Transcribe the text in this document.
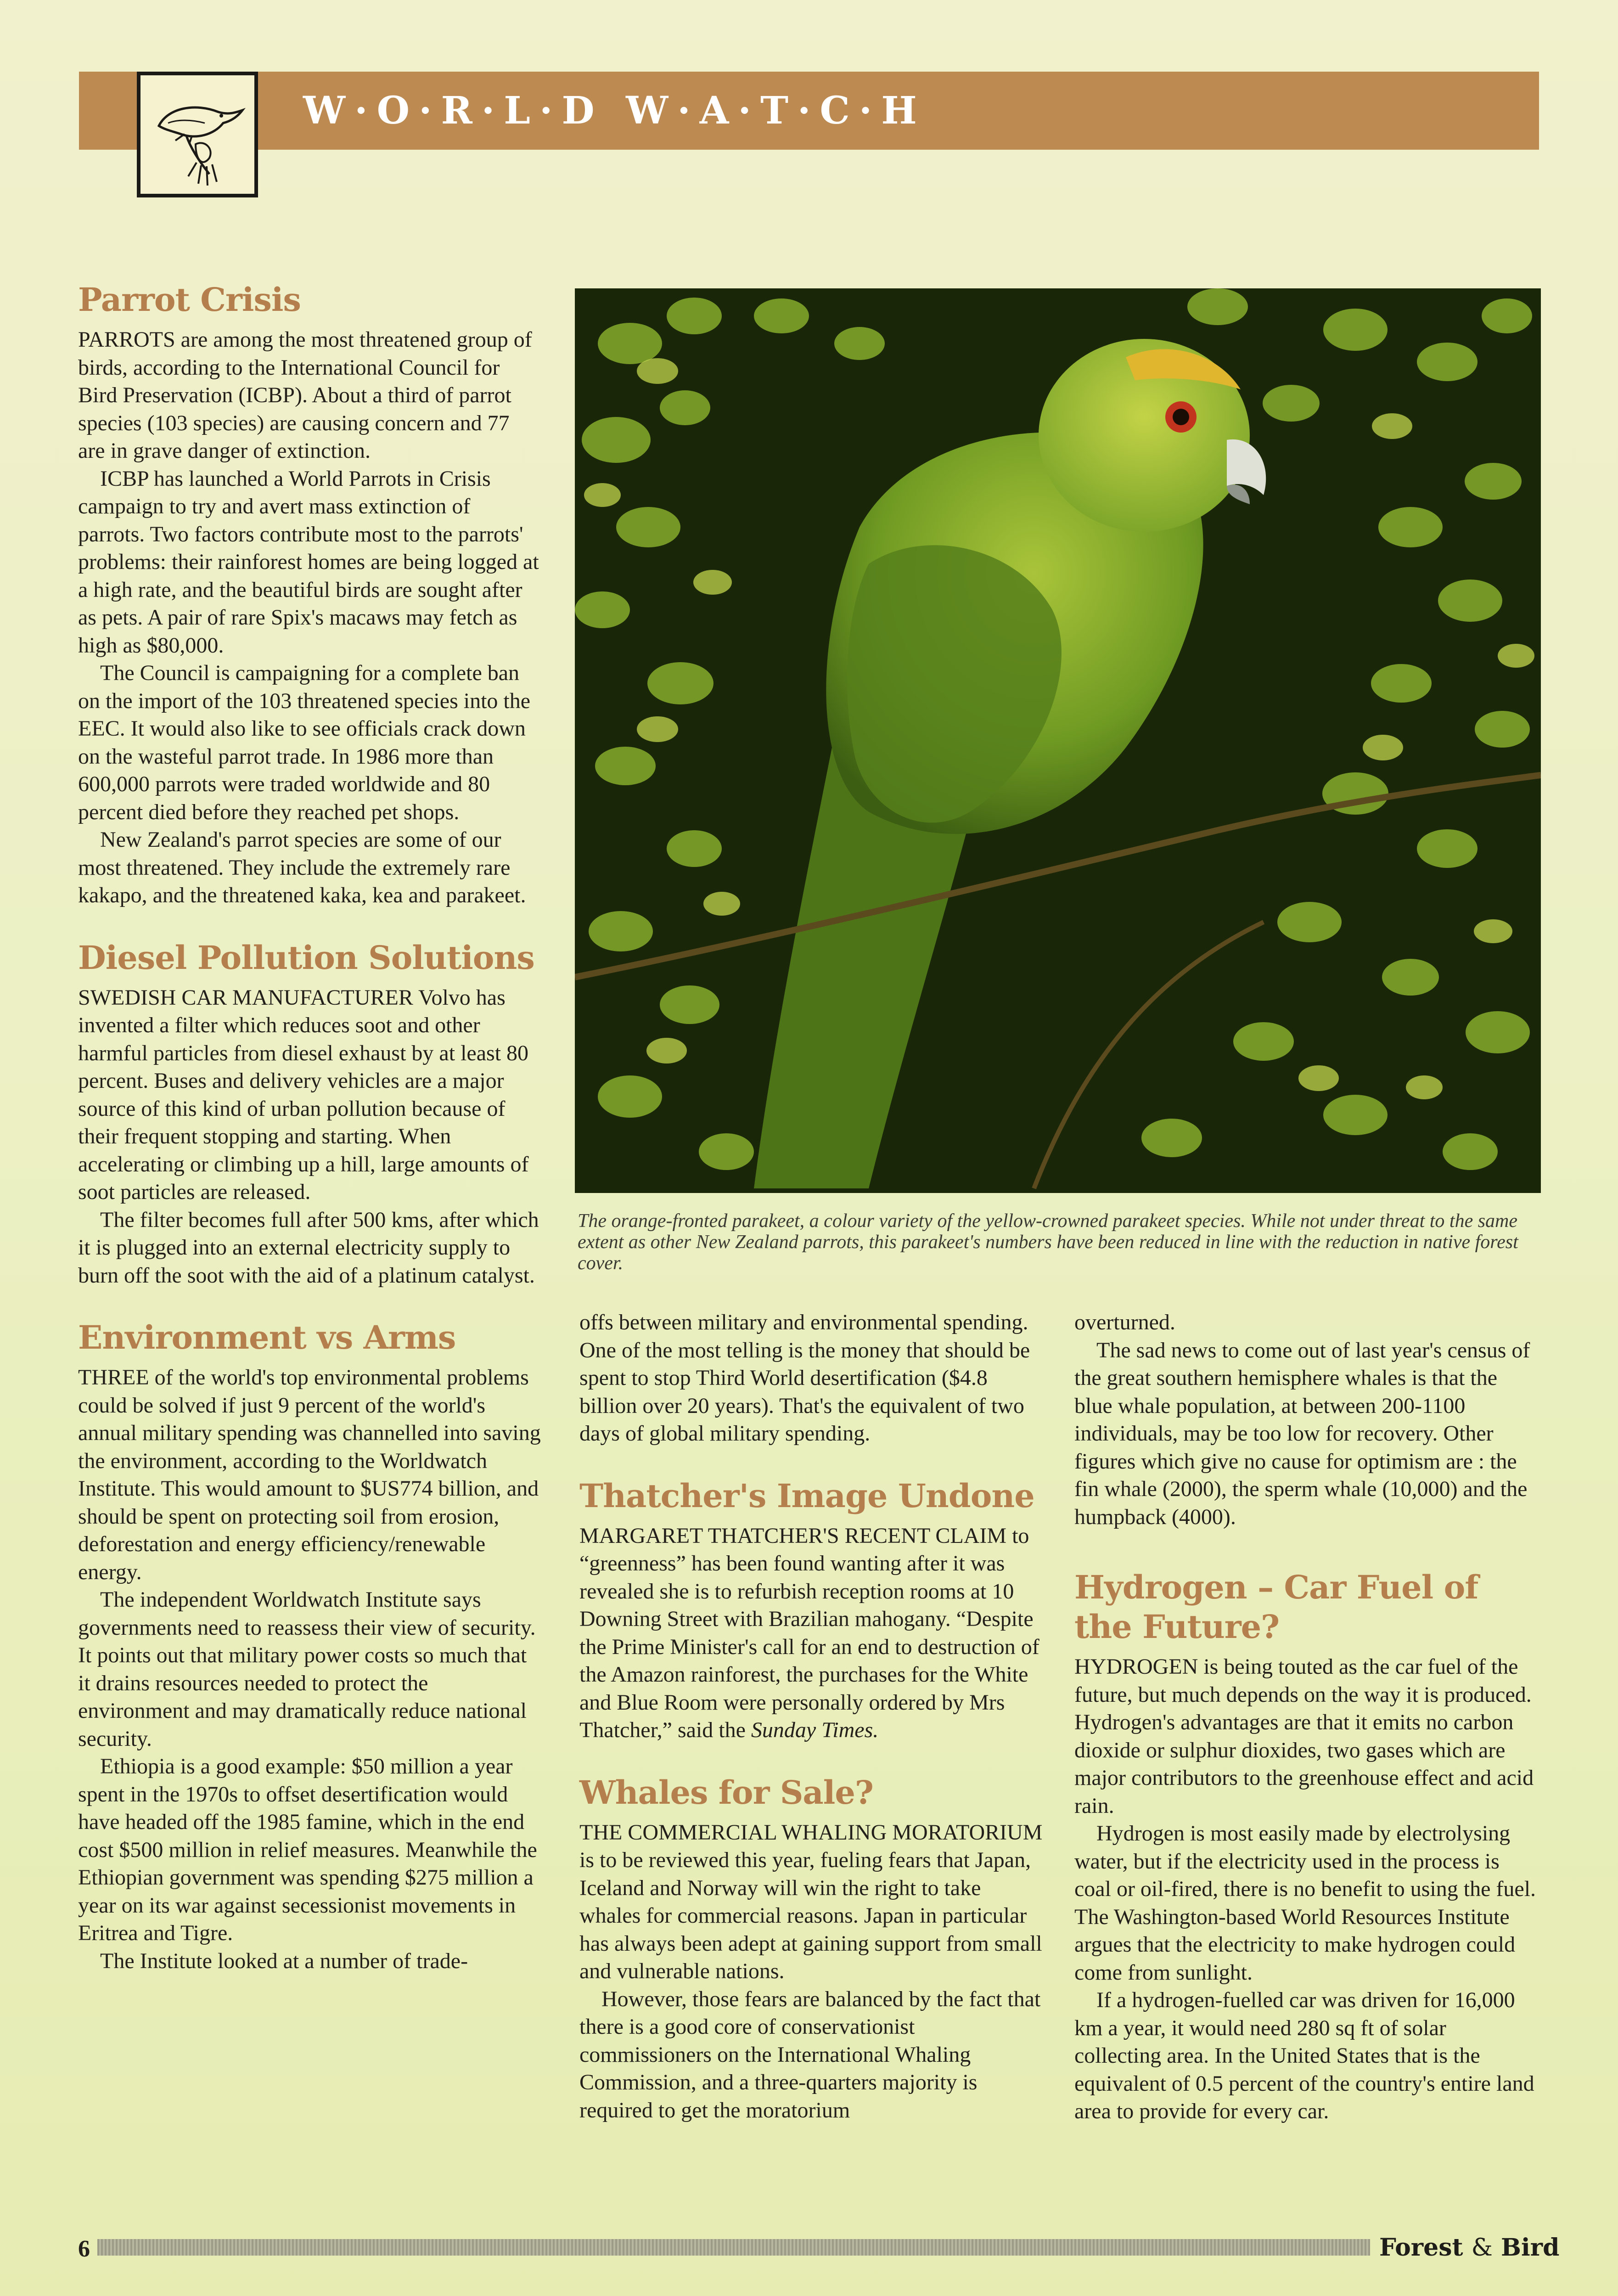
W·O·R·L·D W·A·T·C·H
Parrot Crisis

PARROTS are among the most threatened group of birds, according to the International Council for Bird Preservation (ICBP). About a third of parrot species (103 species) are causing concern and 77 are in grave danger of extinction.

ICBP has launched a World Parrots in Crisis campaign to try and avert mass extinction of parrots. Two factors contribute most to the parrots' problems: their rainforest homes are being logged at a high rate, and the beautiful birds are sought after as pets. A pair of rare Spix's macaws may fetch as high as $80,000.

The Council is campaigning for a complete ban on the import of the 103 threatened species into the EEC. It would also like to see officials crack down on the wasteful parrot trade. In 1986 more than 600,000 parrots were traded worldwide and 80 percent died before they reached pet shops.

New Zealand's parrot species are some of our most threatened. They include the extremely rare kakapo, and the threatened kaka, kea and parakeet.

Diesel Pollution Solutions

SWEDISH CAR MANUFACTURER Volvo has invented a filter which reduces soot and other harmful particles from diesel exhaust by at least 80 percent. Buses and delivery vehicles are a major source of this kind of urban pollution because of their frequent stopping and starting. When accelerating or climbing up a hill, large amounts of soot particles are released.

The filter becomes full after 500 kms, after which it is plugged into an external electricity supply to burn off the soot with the aid of a platinum catalyst.

Environment vs Arms

THREE of the world's top environmental problems could be solved if just 9 percent of the world's annual military spending was channelled into saving the environment, according to the Worldwatch Institute. This would amount to $US774 billion, and should be spent on protecting soil from erosion, deforestation and energy efficiency/renewable energy.

The independent Worldwatch Institute says governments need to reassess their view of security. It points out that military power costs so much that it drains resources needed to protect the environment and may dramatically reduce national security.

Ethiopia is a good example: $50 million a year spent in the 1970s to offset desertification would have headed off the 1985 famine, which in the end cost $500 million in relief measures. Meanwhile the Ethiopian government was spending $275 million a year on its war against secessionist movements in Eritrea and Tigre.

The Institute looked at a number of trade-

The orange-fronted parakeet, a colour variety of the yellow-crowned parakeet species. While not under threat to the same extent as other New Zealand parrots, this parakeet's numbers have been reduced in line with the reduction in native forest cover.

offs between military and environmental spending. One of the most telling is the money that should be spent to stop Third World desertification ($4.8 billion over 20 years). That's the equivalent of two days of global military spending.

Thatcher's Image Undone

MARGARET THATCHER'S RECENT CLAIM to “greenness” has been found wanting after it was revealed she is to refurbish reception rooms at 10 Downing Street with Brazilian mahogany. “Despite the Prime Minister's call for an end to destruction of the Amazon rainforest, the purchases for the White and Blue Room were personally ordered by Mrs Thatcher,” said the Sunday Times.

Whales for Sale?

THE COMMERCIAL WHALING MORATORIUM is to be reviewed this year, fueling fears that Japan, Iceland and Norway will win the right to take whales for commercial reasons. Japan in particular has always been adept at gaining support from small and vulnerable nations.

However, those fears are balanced by the fact that there is a good core of conservationist commissioners on the International Whaling Commission, and a three-quarters majority is required to get the moratorium

overturned.

The sad news to come out of last year's census of the great southern hemisphere whales is that the blue whale population, at between 200-1100 individuals, may be too low for recovery. Other figures which give no cause for optimism are : the fin whale (2000), the sperm whale (10,000) and the humpback (4000).

Hydrogen – Car Fuel of the Future?

HYDROGEN is being touted as the car fuel of the future, but much depends on the way it is produced. Hydrogen's advantages are that it emits no carbon dioxide or sulphur dioxides, two gases which are major contributors to the greenhouse effect and acid rain.

Hydrogen is most easily made by electrolysing water, but if the electricity used in the process is coal or oil-fired, there is no benefit to using the fuel. The Washington-based World Resources Institute argues that the electricity to make hydrogen could come from sunlight.

If a hydrogen-fuelled car was driven for 16,000 km a year, it would need 280 sq ft of solar collecting area. In the United States that is the equivalent of 0.5 percent of the country's entire land area to provide for every car.

6	Forest & Bird
